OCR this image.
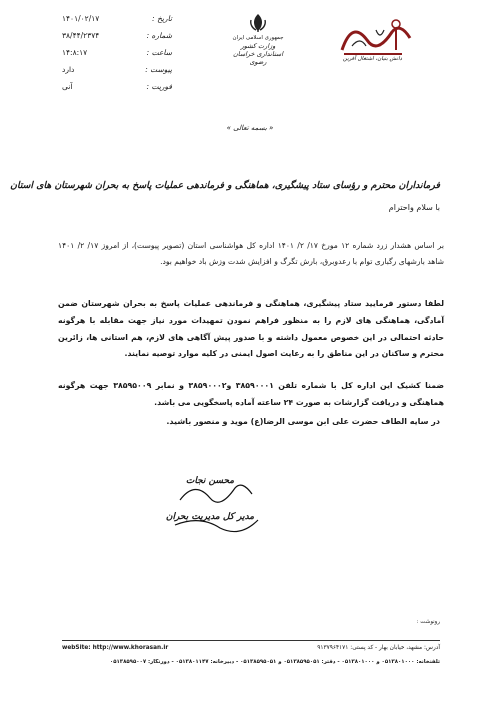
تاریخ :
۱۴۰۱/۰۲/۱۷
شماره :
۳۸/۴۴/۲۳۷۴
ساعت :
۱۴:۸:۱۷
پیوست :
دارد
فوریت :
آنی
جمهوری اسلامی ایران
وزارت کشور
استانداری خراسان رضوی	دانش بنیان، اشتغال آفرین
« بسمه تعالی »
فرمانداران محترم و رؤسای ستاد پیشگیری، هماهنگی و فرماندهی عملیات پاسخ به بحران شهرستان های استان
با سلام واحترام
بر اساس هشدار زرد شماره ۱۲ مورخ ۱۷/ ۲/ ۱۴۰۱ اداره کل هواشناسی استان (تصویر پیوست)، از امروز ۱۷/ ۲/ ۱۴۰۱ شاهد بارشهای رگباری توام با رعدوبرق، بارش تگرگ و افزایش شدت وزش باد خواهیم بود.
لطفا دستور فرمایید ستاد پیشگیری، هماهنگی و فرماندهی عملیات پاسخ به بحران شهرستان ضمن آمادگی، هماهنگی های لازم را به منظور فراهم نمودن تمهیدات مورد نیاز جهت مقابله با هرگونه حادثه احتمالی در این خصوص معمول داشته و با صدور پیش آگاهی های لازم، هم استانی ها، زائرین محترم و ساکنان در این مناطق را به رعایت اصول ایمنی در کلیه موارد توصیه نمایند.
ضمنا کشیک این اداره کل با شماره تلفن ۳۸۵۹۰۰۰۱ و۳۸۵۹۰۰۰۲ و نمابر ۳۸۵۹۵۰۰۹ جهت هرگونه هماهنگی و دریافت گزارشات به صورت ۲۴ ساعته آماده پاسخگویی می باشد.
در سایه الطاف حضرت علی ابن موسی الرضا(ع) موید و منصور باشید.
محسن نجات
مدیر کل مدیریت بحران
رونوشت :
webSite: http://www.khorasan.ir	آدرس: مشهد، خیابان بهار - کد پستی: ۹۱۳۷۹۶۴۱۷۱
تلفنخانه: ۰۵۱۳۸۰۱۰۰۰ و ۰۵۱۳۸۰۱۰۰۰ - دفتر: ۰۵۱۳۸۵۹۵۰۵۱ و ۰۵۱۳۸۵۹۵۰۵۱ - دبیرخانه: ۰۵۱۳۸۰۱۱۴۷ - دورنگار: ۰۵۱۳۸۵۹۵۰۰۷
